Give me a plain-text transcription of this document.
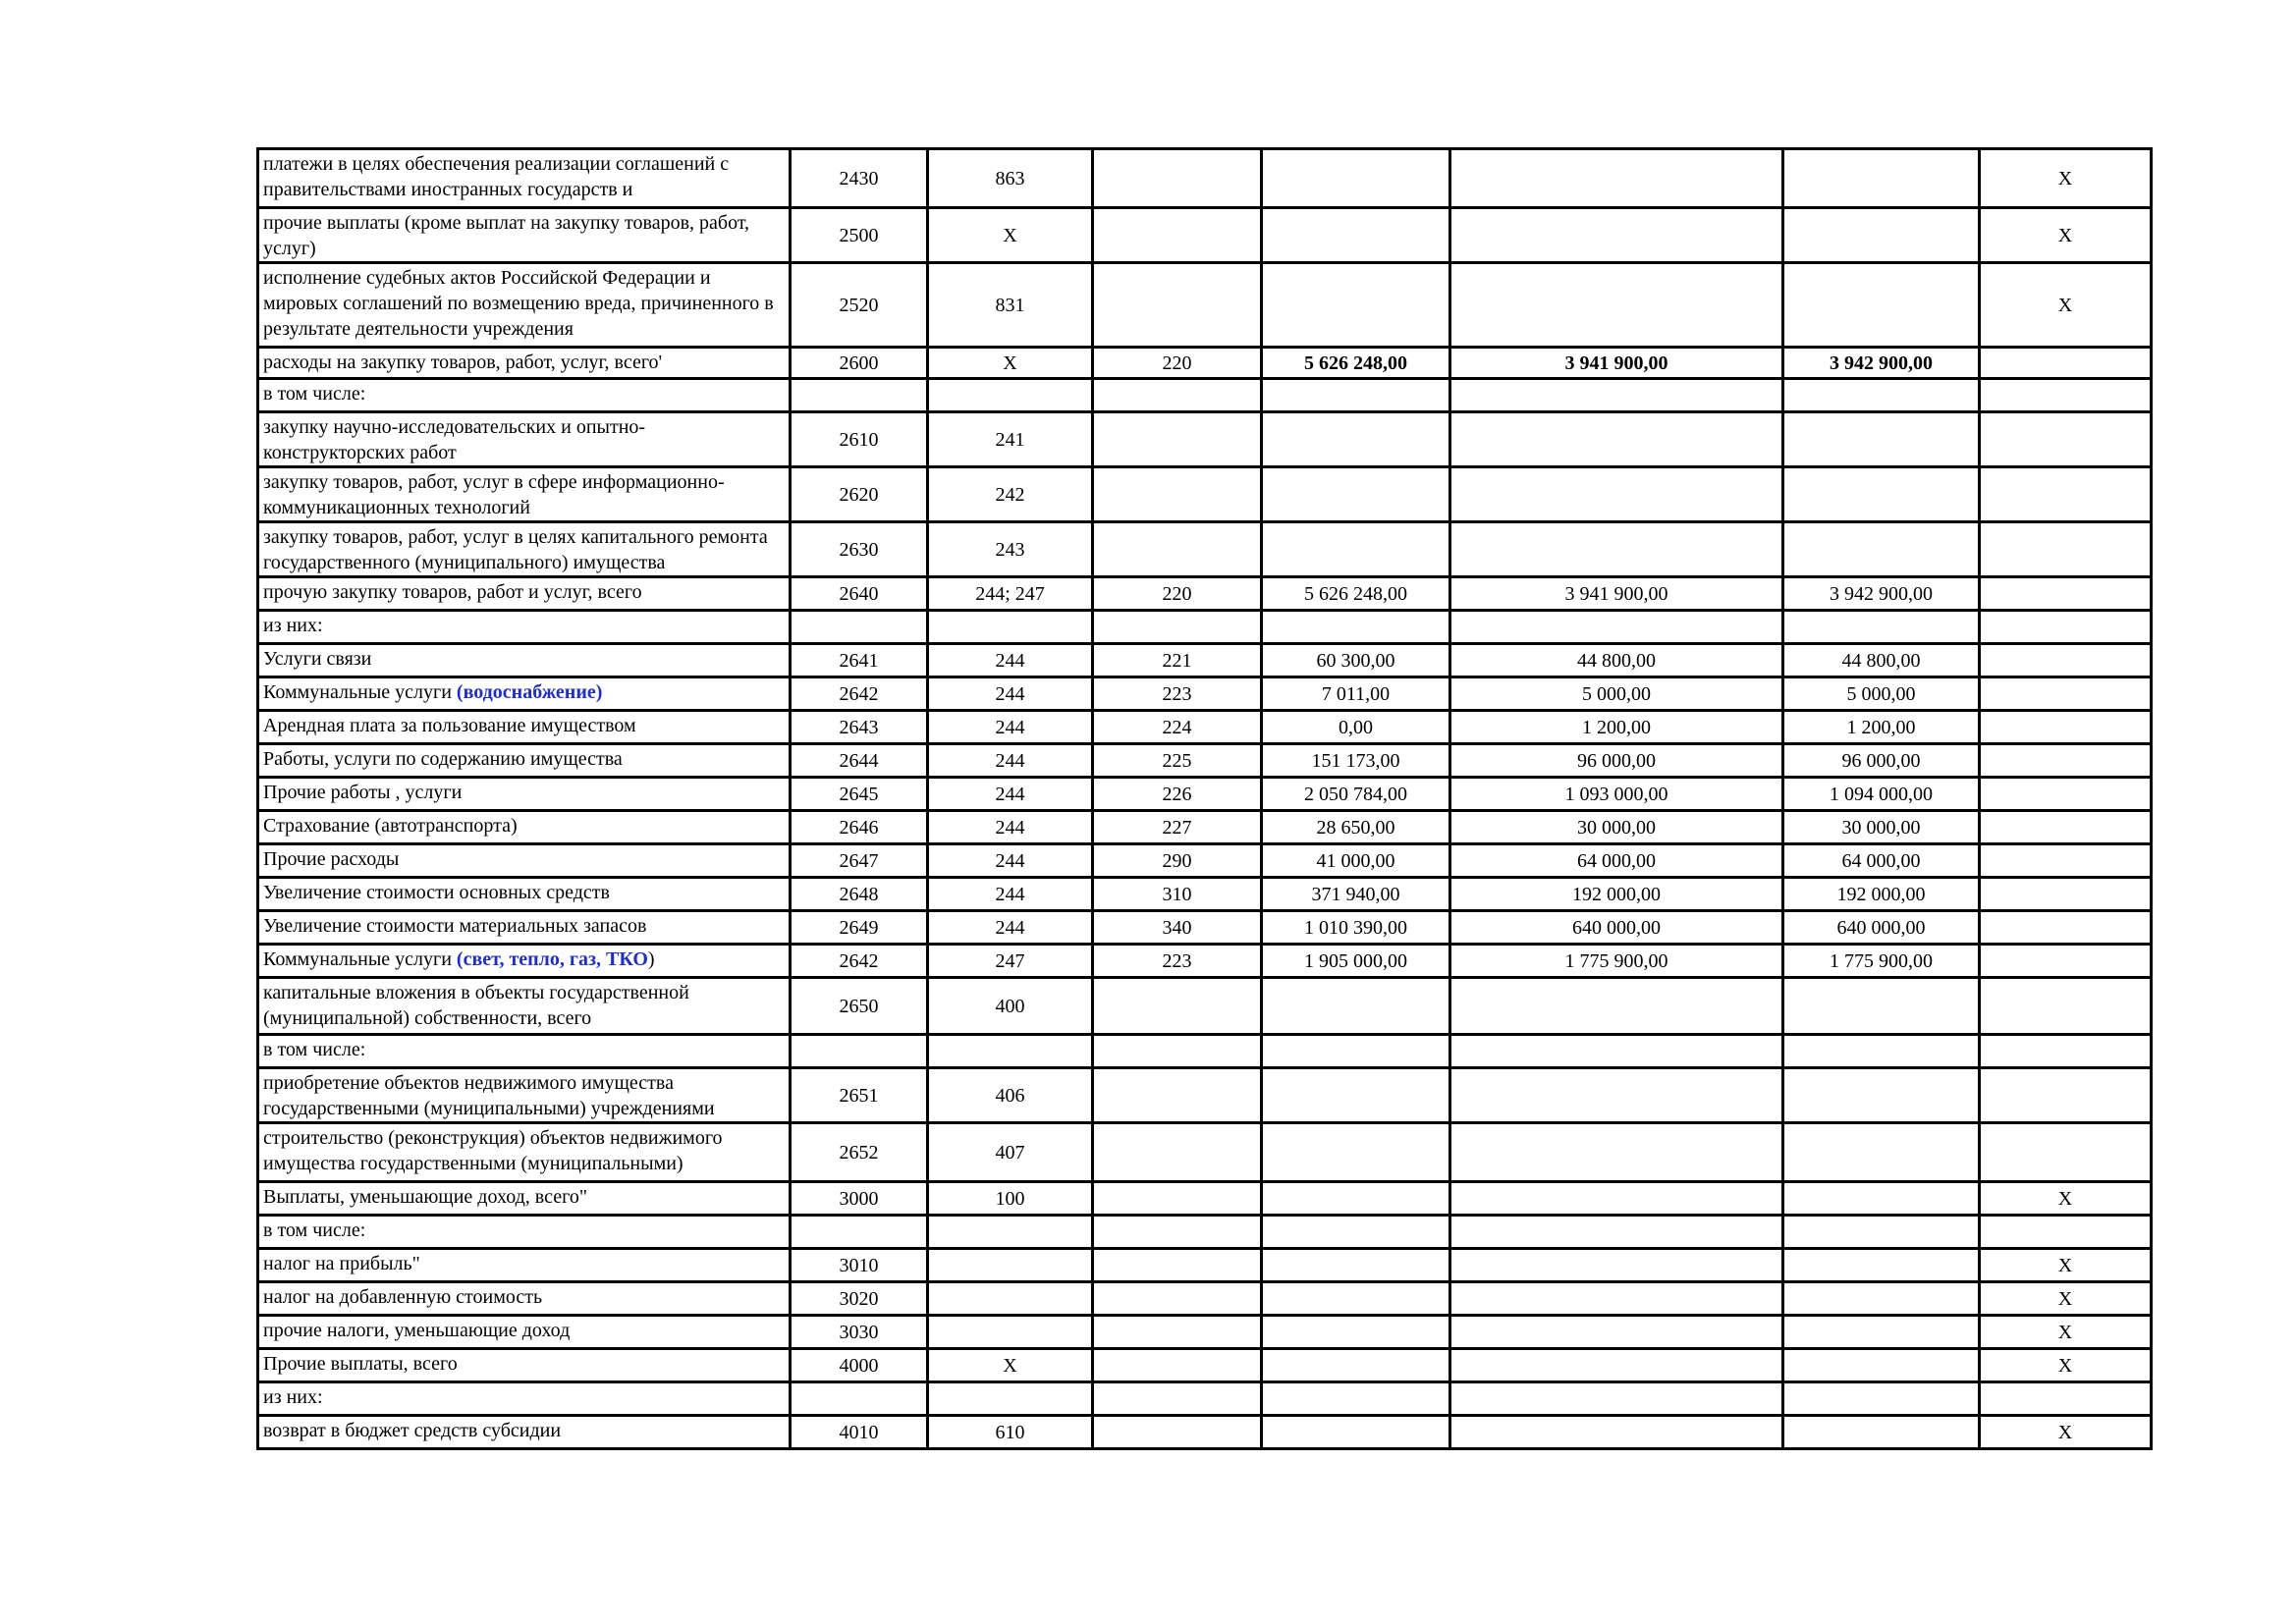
платежи в целях обеспечения реализации соглашений с правительствами иностранных государств и	2430	863					Х
прочие выплаты (кроме выплат на закупку товаров, работ, услуг)	2500	Х					Х
исполнение судебных актов Российской Федерации и мировых соглашений по возмещению вреда, причиненного в результате деятельности учреждения	2520	831					Х
расходы на закупку товаров, работ, услуг, всего'	2600	Х	220	5 626 248,00	3 941 900,00	3 942 900,00	
в том числе:							
закупку научно-исследовательских и опытно-конструкторских работ	2610	241					
закупку товаров, работ, услуг в сфере информационно-коммуникационных технологий	2620	242					
закупку товаров, работ, услуг в целях капитального ремонта государственного (муниципального) имущества	2630	243					
прочую закупку товаров, работ и услуг, всего	2640	244; 247	220	5 626 248,00	3 941 900,00	3 942 900,00	
из них:							
Услуги связи	2641	244	221	60 300,00	44 800,00	44 800,00	
Коммунальные услуги (водоснабжение)	2642	244	223	7 011,00	5 000,00	5 000,00	
Арендная плата за пользование имуществом	2643	244	224	0,00	1 200,00	1 200,00	
Работы, услуги по содержанию имущества	2644	244	225	151 173,00	96 000,00	96 000,00	
Прочие работы , услуги	2645	244	226	2 050 784,00	1 093 000,00	1 094 000,00	
Страхование (автотранспорта)	2646	244	227	28 650,00	30 000,00	30 000,00	
Прочие расходы	2647	244	290	41 000,00	64 000,00	64 000,00	
Увеличение стоимости основных средств	2648	244	310	371 940,00	192 000,00	192 000,00	
Увеличение стоимости материальных запасов	2649	244	340	1 010 390,00	640 000,00	640 000,00	
Коммунальные услуги (свет, тепло, газ, ТКО)	2642	247	223	1 905 000,00	1 775 900,00	1 775 900,00	
капитальные вложения в объекты государственной (муниципальной) собственности, всего	2650	400					
в том числе:							
приобретение объектов недвижимого имущества государственными (муниципальными) учреждениями	2651	406					
строительство (реконструкция) объектов недвижимого имущества государственными (муниципальными)	2652	407					
Выплаты, уменьшающие доход, всего"	3000	100					Х
в том числе:							
налог на прибыль"	3010						Х
налог на добавленную стоимость	3020						Х
прочие налоги, уменьшающие доход	3030						Х
Прочие выплаты, всего	4000	Х					Х
из них:							
возврат в бюджет средств субсидии	4010	610					Х
